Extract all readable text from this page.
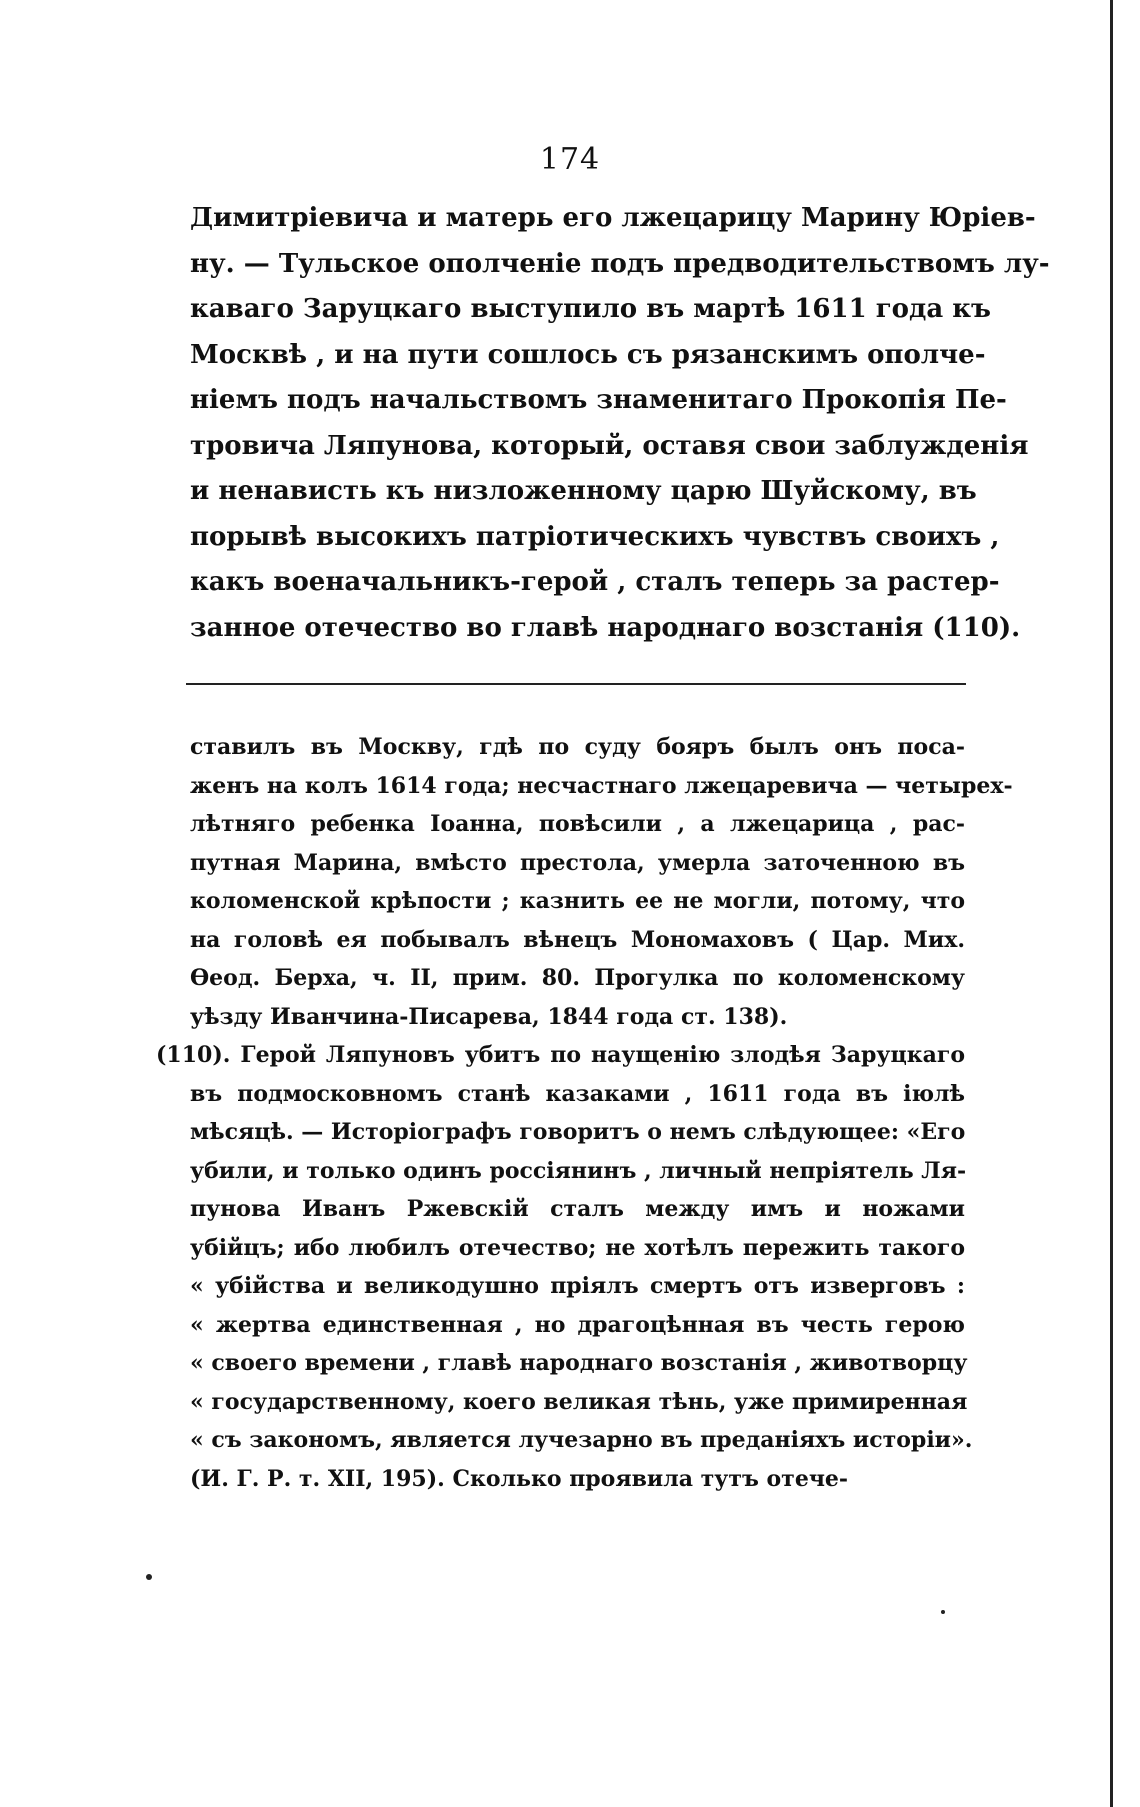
174
Димитріевича и матерь его лжецарицу Марину Юріев-
ну. — Тульское ополченіе подъ предводительствомъ лу-
каваго Заруцкаго выступило въ мартѣ 1611 года къ
Москвѣ , и на пути сошлось съ рязанскимъ ополче-
ніемъ подъ начальствомъ знаменитаго Прокопія Пе-
тровича Ляпунова, который, оставя свои заблужденія
и ненависть къ низложенному царю Шуйскому, въ
порывѣ высокихъ патріотическихъ чувствъ своихъ ,
какъ военачальникъ-герой , сталъ теперь за растер-
занное отечество во главѣ народнаго возстанія (110).
ставилъ въ Москву, гдѣ по суду бояръ былъ онъ поса-
женъ на колъ 1614 года; несчастнаго лжецаревича — четырех-
лѣтняго ребенка Іоанна, повѣсили , а лжецарица , рас-
путная Марина, вмѣсто престола, умерла заточенною въ
коломенской крѣпости ; казнить ее не могли, потому, что
на головѣ ея побывалъ вѣнецъ Мономаховъ ( Цар. Мих.
Ѳеод. Берха, ч. II, прим. 80. Прогулка по коломенскому
уѣзду Иванчина-Писарева, 1844 года ст. 138).
(110). Герой Ляпуновъ убитъ по наущенію злодѣя Заруцкаго
въ подмосковномъ станѣ казаками , 1611 года въ іюлѣ
мѣсяцѣ. — Исторіографъ говоритъ о немъ слѣдующее: «Его
убили, и только одинъ россіянинъ , личный непріятель Ля-
пунова Иванъ Ржевскій сталъ между имъ и ножами
убійцъ; ибо любилъ отечество; не хотѣлъ пережить такого
« убійства и великодушно пріялъ смертъ отъ изверговъ :
« жертва единственная , но драгоцѣнная въ честь герою
« своего времени , главѣ народнаго возстанія , животворцу
« государственному, коего великая тѣнь, уже примиренная
« съ закономъ, является лучезарно въ преданіяхъ исторіи».
(И. Г. Р. т. XII, 195). Сколько проявила тутъ отече-
